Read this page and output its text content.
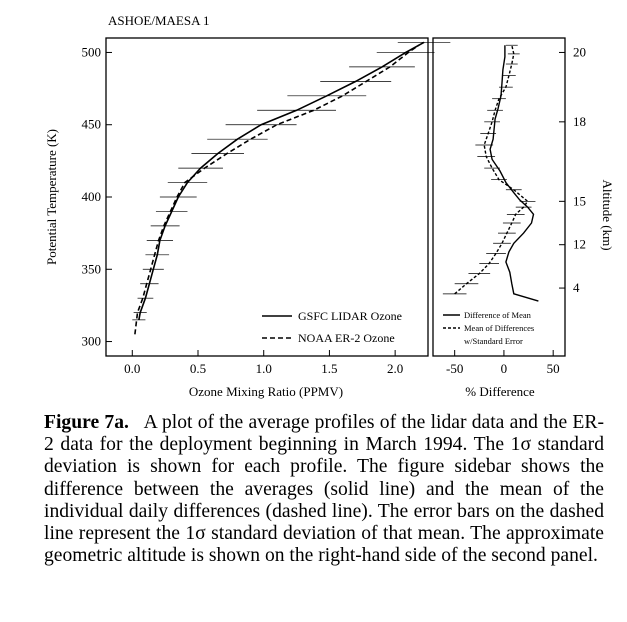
ASHOE/MAESA 1
300
350
400
450
500
0.0	0.5	1.0	1.5	2.0
Potential Temperature (K)
Ozone Mixing Ratio (PPMV)
GSFC LIDAR Ozone
NOAA ER-2 Ozone
-50	0	50
4
12
15
18
20
% Difference
Altitude (km)
Difference of Mean
Mean of Differences
w/Standard Error
Figure 7a. A plot of the average profiles of the lidar data and the ER-2 data for the deployment beginning in March 1994. The 1σ standard deviation is shown for each profile. The figure sidebar shows the difference between the averages (solid line) and the mean of the individual daily differences (dashed line). The error bars on the dashed line represent the 1σ standard deviation of that mean. The approximate geometric altitude is shown on the right-hand side of the second panel.
